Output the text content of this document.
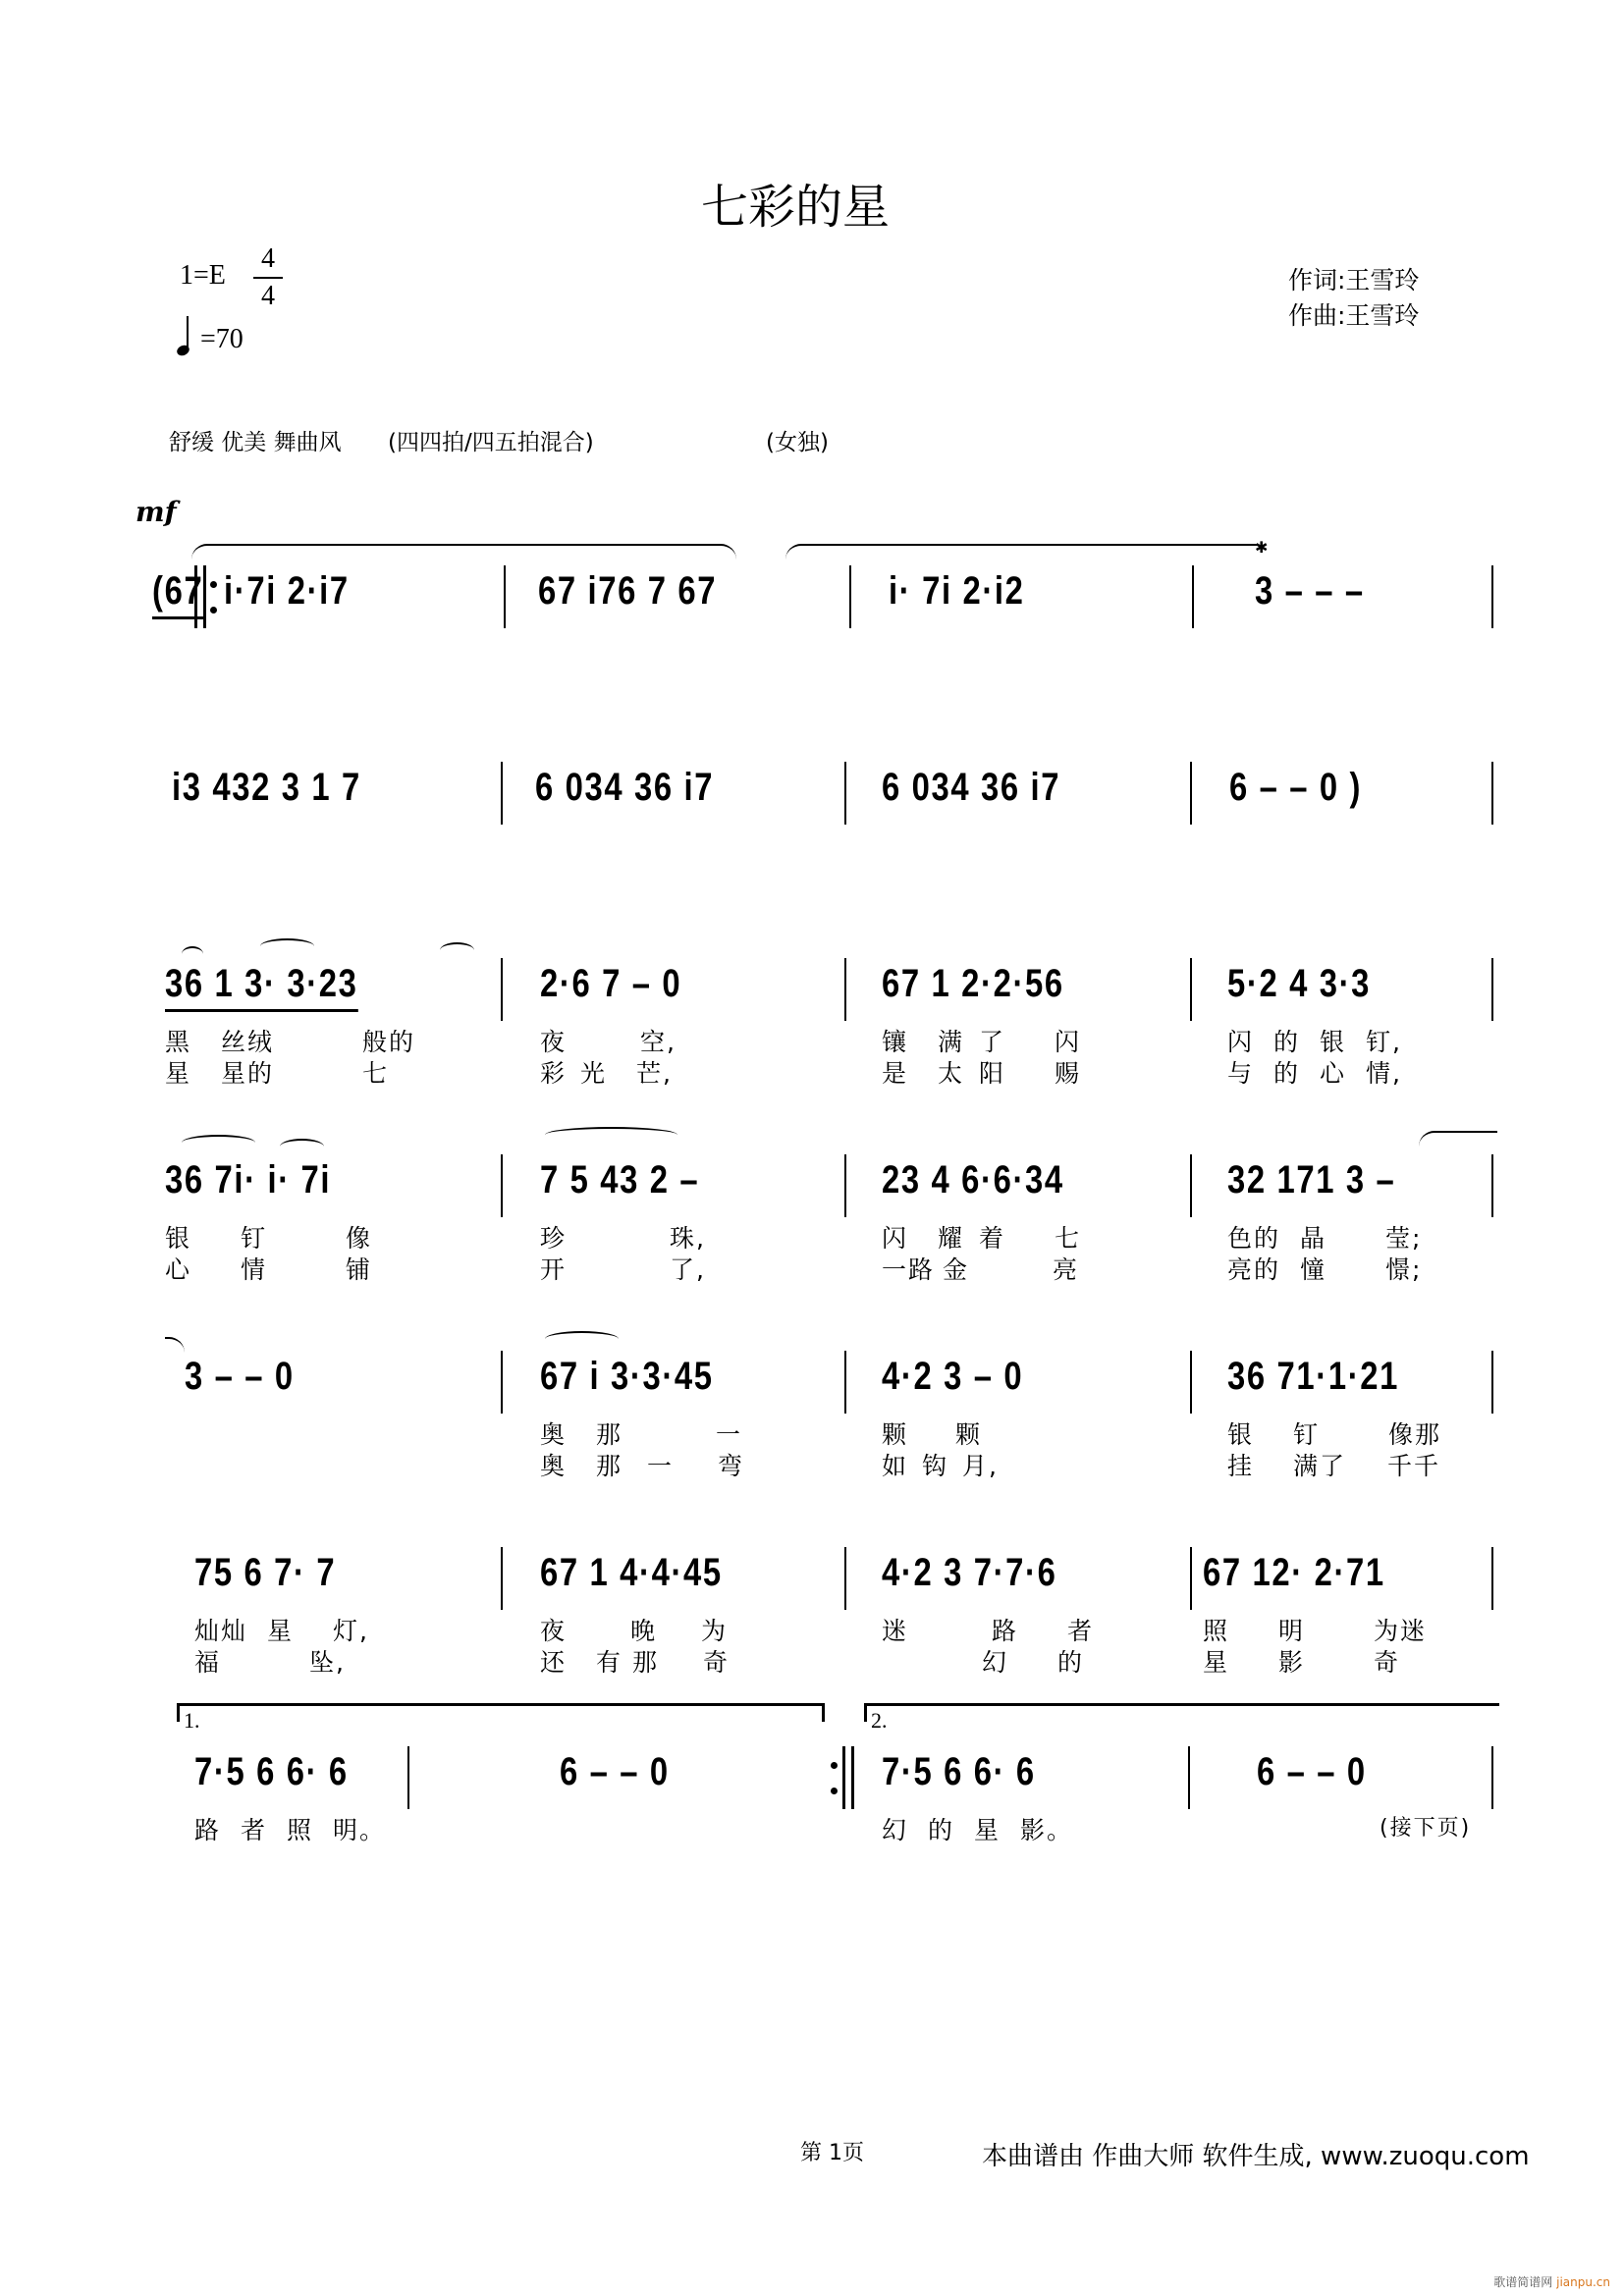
七彩的星
1=E
4
4
=70
作词:王雪玲
作曲:王雪玲
舒缓 优美 舞曲风 (四四拍/四五拍混合)	(女独)
mf
(67 i·7i 2·i7	67 i76 7 67	i· 7i 2·i2
✱
3 – – –
i3 432 3 1 7	6 034 36 i7	6 034 36 i7	6 – – 0 )
36 1 3· 3·23
黑 丝绒	般的
星 星的	七
2·6 7 – 0
夜	空,
彩 光 芒,
67 1 2·2·56
镶 满 了 闪
是 太 阳 赐
5·2 4 3·3
闪 的 银 钉,
与 的 心 情,
36 7i· i· 7i
银 钉	像
心 情	铺
7 5 43 2 –
珍	珠,
开	了,
23 4 6·6·34
闪 耀 着 七
一路 金	亮
32 171 3 –
色的 晶 莹;
亮的 憧 憬;
3 – – 0	67 i 3·3·45
奥 那	一
奥 那 一 弯
4·2 3 – 0
颗 颗
如 钩 月,
36 71·1·21
银 钉	像那
挂 满了 千千
75 6 7· 7
灿灿 星 灯,
福	坠,
67 1 4·4·45
夜	晚 为
还 有 那 奇
4·2 3 7·7·6
迷	路 者
幻 的
67 12· 2·71
照 明	为迷
星 影	奇
1.	2.
7·5 6 6· 6
路 者 照 明。
6 – – 0	7·5 6 6· 6
幻 的 星 影。
6 – – 0
(接下页)
第 1页	本曲谱由 作曲大师 软件生成, www.zuoqu.com
歌谱简谱网 jianpu.cn
